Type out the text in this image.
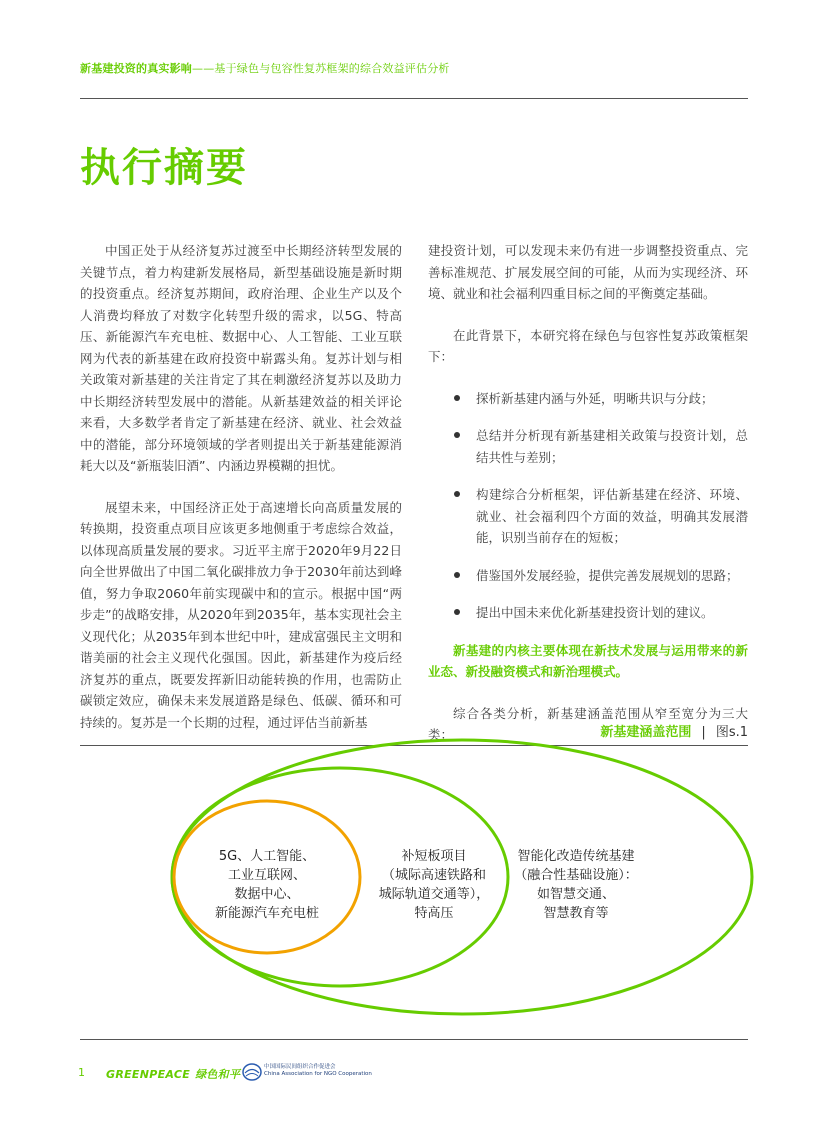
新基建投资的真实影响——基于绿色与包容性复苏框架的综合效益评估分析
执行摘要

中国正处于从经济复苏过渡至中长期经济转型发展的关键节点，着力构建新发展格局，新型基础设施是新时期的投资重点。经济复苏期间，政府治理、企业生产以及个人消费均释放了对数字化转型升级的需求，以5G、特高压、新能源汽车充电桩、数据中心、人工智能、工业互联网为代表的新基建在政府投资中崭露头角。复苏计划与相关政策对新基建的关注肯定了其在刺激经济复苏以及助力中长期经济转型发展中的潜能。从新基建效益的相关评论来看，大多数学者肯定了新基建在经济、就业、社会效益中的潜能，部分环境领域的学者则提出关于新基建能源消耗大以及“新瓶装旧酒”、内涵边界模糊的担忧。

展望未来，中国经济正处于高速增长向高质量发展的转换期，投资重点项目应该更多地侧重于考虑综合效益，以体现高质量发展的要求。习近平主席于2020年9月22日向全世界做出了中国二氧化碳排放力争于2030年前达到峰值，努力争取2060年前实现碳中和的宣示。根据中国“两步走”的战略安排，从2020年到2035年，基本实现社会主义现代化；从2035年到本世纪中叶，建成富强民主文明和谐美丽的社会主义现代化强国。因此，新基建作为疫后经济复苏的重点，既要发挥新旧动能转换的作用，也需防止碳锁定效应，确保未来发展道路是绿色、低碳、循环和可持续的。复苏是一个长期的过程，通过评估当前新基

建投资计划，可以发现未来仍有进一步调整投资重点、完善标准规范、扩展发展空间的可能，从而为实现经济、环境、就业和社会福利四重目标之间的平衡奠定基础。

在此背景下，本研究将在绿色与包容性复苏政策框架下：

探析新基建内涵与外延，明晰共识与分歧；
总结并分析现有新基建相关政策与投资计划，总结共性与差别；
构建综合分析框架，评估新基建在经济、环境、就业、社会福利四个方面的效益，明确其发展潜能，识别当前存在的短板；
借鉴国外发展经验，提供完善发展规划的思路；
提出中国未来优化新基建投资计划的建议。

新基建的内核主要体现在新技术发展与运用带来的新业态、新投融资模式和新治理模式。

综合各类分析，新基建涵盖范围从窄至宽分为三大类：	新基建涵盖范围 | 图s.1
5G、人工智能、
工业互联网、
数据中心、
新能源汽车充电桩
补短板项目
（城际高速铁路和
城际轨道交通等），
特高压
智能化改造传统基建
（融合性基础设施）：
如智慧交通、
智慧教育等
1 GREENPEACE 绿色和平
中国国际民间组织合作促进会
China Association for NGO Cooperation
